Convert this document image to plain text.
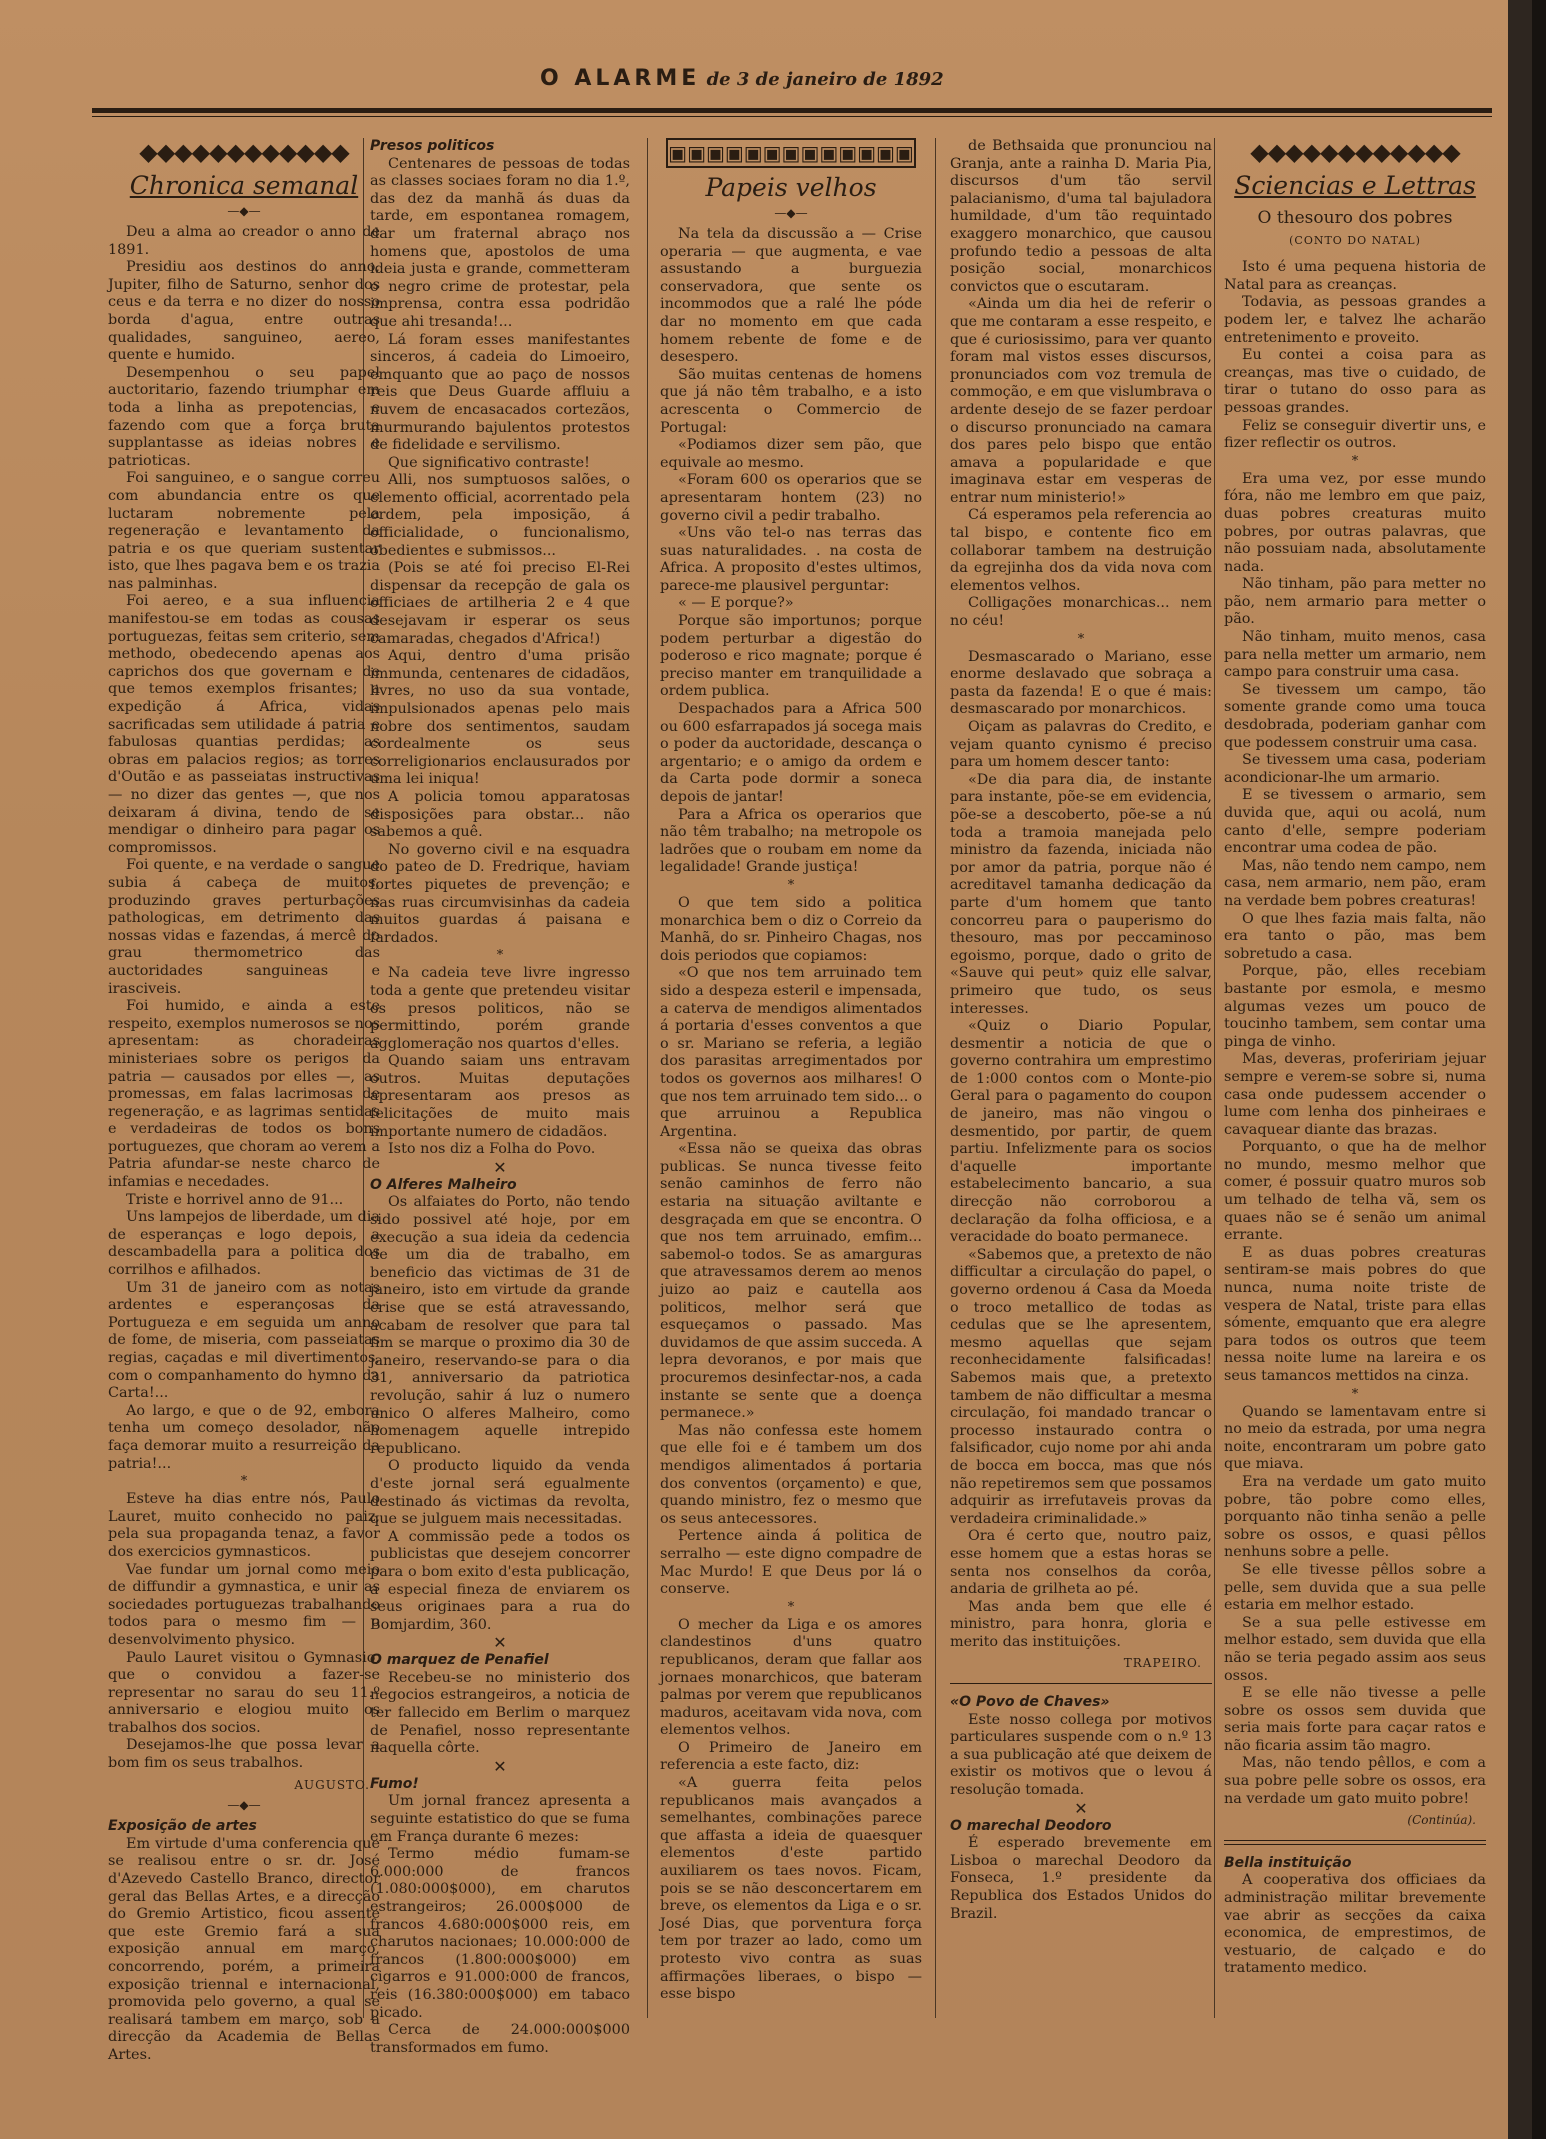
O ALARME de 3 de janeiro de 1892
◆◆◆◆◆◆◆◆◆◆◆◆
Chronica semanal
—◆—

Deu a alma ao creador o anno de 1891.

Presidiu aos destinos do anno, Jupiter, filho de Saturno, senhor dos ceus e da terra e no dizer do nosso borda d'agua, entre outras qualidades, sanguineo, aereo, quente e humido.

Desempenhou o seu papel auctoritario, fazendo triumphar em toda a linha as prepotencias, e fazendo com que a força bruta supplantasse as ideias nobres e patrioticas.

Foi sanguineo, e o sangue correu com abundancia entre os que luctaram nobremente pela regeneração e levantamento da patria e os que queriam sustentar isto, que lhes pagava bem e os trazia nas palminhas.

Foi aereo, e a sua influencia manifestou-se em todas as cousas portuguezas, feitas sem criterio, sem methodo, obedecendo apenas aos caprichos dos que governam e de que temos exemplos frisantes; a expedição á Africa, vidas sacrificadas sem utilidade á patria e fabulosas quantias perdidas; as obras em palacios regios; as torres d'Outão e as passeiatas instructivas — no dizer das gentes —, que nos deixaram á divina, tendo de se mendigar o dinheiro para pagar os compromissos.

Foi quente, e na verdade o sangue subia á cabeça de muitos, produzindo graves perturbações pathologicas, em detrimento das nossas vidas e fazendas, á mercê do grau thermometrico das auctoridades sanguineas e irasciveis.

Foi humido, e ainda a este respeito, exemplos numerosos se nos apresentam: as choradeiras ministeriaes sobre os perigos da patria — causados por elles —, as promessas, em falas lacrimosas de regeneração, e as lagrimas sentidas e verdadeiras de todos os bons portuguezes, que choram ao verem a Patria afundar-se neste charco de infamias e necedades.

Triste e horrivel anno de 91...

Uns lampejos de liberdade, um dia de esperanças e logo depois, a descambadella para a politica dos corrilhos e afilhados.

Um 31 de janeiro com as notas ardentes e esperançosas da Portugueza e em seguida um anno de fome, de miseria, com passeiatas regias, caçadas e mil divertimentos, com o companhamento do hymno da Carta!...

Ao largo, e que o de 92, embora tenha um começo desolador, não faça demorar muito a resurreição da patria!...

*

Esteve ha dias entre nós, Paulo Lauret, muito conhecido no paiz, pela sua propaganda tenaz, a favor dos exercicios gymnasticos.

Vae fundar um jornal como meio de diffundir a gymnastica, e unir as sociedades portuguezas trabalhando todos para o mesmo fim — o desenvolvimento physico.

Paulo Lauret visitou o Gymnasio, que o convidou a fazer-se representar no sarau do seu 11.º anniversario e elogiou muito os trabalhos dos socios.

Desejamos-lhe que possa levar a bom fim os seus trabalhos.

AUGUSTO.
—◆—

Exposição de artes

Em virtude d'uma conferencia que se realisou entre o sr. dr. José d'Azevedo Castello Branco, director geral das Bellas Artes, e a direcção do Gremio Artistico, ficou assente que este Gremio fará a sua exposição annual em março, concorrendo, porém, a primeira exposição triennal e internacional, promovida pelo governo, a qual se realisará tambem em março, sob a direcção da Academia de Bellas Artes.

Presos politicos

Centenares de pessoas de todas as classes sociaes foram no dia 1.º, das dez da manhã ás duas da tarde, em espontanea romagem, dar um fraternal abraço nos homens que, apostolos de uma ideia justa e grande, commetteram o negro crime de protestar, pela imprensa, contra essa podridão que ahi tresanda!...

Lá foram esses manifestantes sinceros, á cadeia do Limoeiro, emquanto que ao paço de nossos reis que Deus Guarde affluiu a nuvem de encasacados cortezãos, murmurando bajulentos protestos de fidelidade e servilismo.

Que significativo contraste!

Alli, nos sumptuosos salões, o elemento official, acorrentado pela ordem, pela imposição, á officialidade, o funcionalismo, obedientes e submissos...

(Pois se até foi preciso El-Rei dispensar da recepção de gala os officiaes de artilheria 2 e 4 que desejavam ir esperar os seus camaradas, chegados d'Africa!)

Aqui, dentro d'uma prisão immunda, centenares de cidadãos, livres, no uso da sua vontade, impulsionados apenas pelo mais nobre dos sentimentos, saudam cordealmente os seus correligionarios enclausurados por uma lei iniqua!

A policia tomou apparatosas disposições para obstar... não sabemos a quê.

No governo civil e na esquadra do pateo de D. Fredrique, haviam fortes piquetes de prevenção; e nas ruas circumvisinhas da cadeia muitos guardas á paisana e fardados.

*

Na cadeia teve livre ingresso toda a gente que pretendeu visitar os presos politicos, não se permittindo, porém grande agglomeração nos quartos d'elles.

Quando saiam uns entravam outros. Muitas deputações apresentaram aos presos as felicitações de muito mais importante numero de cidadãos.

Isto nos diz a Folha do Povo.

✕

O Alferes Malheiro

Os alfaiates do Porto, não tendo sido possivel até hoje, por em execução a sua ideia da cedencia de um dia de trabalho, em beneficio das victimas de 31 de janeiro, isto em virtude da grande crise que se está atravessando, acabam de resolver que para tal fim se marque o proximo dia 30 de janeiro, reservando-se para o dia 31, anniversario da patriotica revolução, sahir á luz o numero unico O alferes Malheiro, como homenagem aquelle intrepido republicano.

O producto liquido da venda d'este jornal será egualmente destinado ás victimas da revolta, que se julguem mais necessitadas.

A commissão pede a todos os publicistas que desejem concorrer para o bom exito d'esta publicação, a especial fineza de enviarem os seus originaes para a rua do Bomjardim, 360.

✕

O marquez de Penafiel

Recebeu-se no ministerio dos negocios estrangeiros, a noticia de ter fallecido em Berlim o marquez de Penafiel, nosso representante naquella côrte.

✕

Fumo!

Um jornal francez apresenta a seguinte estatistico do que se fuma em França durante 6 mezes:

Termo médio fumam-se 6.000:000 de francos (1.080:000$000), em charutos estrangeiros; 26.000$000 de francos 4.680:000$000 reis, em charutos nacionaes; 10.000:000 de francos (1.800:000$000) em cigarros e 91.000:000 de francos, reis (16.380:000$000) em tabaco picado.

Cerca de 24.000:000$000 transformados em fumo.

▣▣▣▣▣▣▣▣▣▣▣▣▣
Papeis velhos
—◆—

Na tela da discussão a — Crise operaria — que augmenta, e vae assustando a burguezia conservadora, que sente os incommodos que a ralé lhe póde dar no momento em que cada homem rebente de fome e de desespero.

São muitas centenas de homens que já não têm trabalho, e a isto acrescenta o Commercio de Portugal:

«Podiamos dizer sem pão, que equivale ao mesmo.

«Foram 600 os operarios que se apresentaram hontem (23) no governo civil a pedir trabalho.

«Uns vão tel-o nas terras das suas naturalidades. . na costa de Africa. A proposito d'estes ultimos, parece-me plausivel perguntar:

« — E porque?»

Porque são importunos; porque podem perturbar a digestão do poderoso e rico magnate; porque é preciso manter em tranquilidade a ordem publica.

Despachados para a Africa 500 ou 600 esfarrapados já socega mais o poder da auctoridade, descança o argentario; e o amigo da ordem e da Carta pode dormir a soneca depois de jantar!

Para a Africa os operarios que não têm trabalho; na metropole os ladrões que o roubam em nome da legalidade! Grande justiça!

*

O que tem sido a politica monarchica bem o diz o Correio da Manhã, do sr. Pinheiro Chagas, nos dois periodos que copiamos:

«O que nos tem arruinado tem sido a despeza esteril e impensada, a caterva de mendigos alimentados á portaria d'esses conventos a que o sr. Mariano se referia, a legião dos parasitas arregimentados por todos os governos aos milhares! O que nos tem arruinado tem sido... o que arruinou a Republica Argentina.

«Essa não se queixa das obras publicas. Se nunca tivesse feito senão caminhos de ferro não estaria na situação aviltante e desgraçada em que se encontra. O que nos tem arruinado, emfim... sabemol-o todos. Se as amarguras que atravessamos derem ao menos juizo ao paiz e cautella aos politicos, melhor será que esqueçamos o passado. Mas duvidamos de que assim succeda. A lepra devoranos, e por mais que procuremos desinfectar-nos, a cada instante se sente que a doença permanece.»

Mas não confessa este homem que elle foi e é tambem um dos mendigos alimentados á portaria dos conventos (orçamento) e que, quando ministro, fez o mesmo que os seus antecessores.

Pertence ainda á politica de serralho — este digno compadre de Mac Murdo! E que Deus por lá o conserve.

*

O mecher da Liga e os amores clandestinos d'uns quatro republicanos, deram que fallar aos jornaes monarchicos, que bateram palmas por verem que republicanos maduros, aceitavam vida nova, com elementos velhos.

O Primeiro de Janeiro em referencia a este facto, diz:

«A guerra feita pelos republicanos mais avançados a semelhantes, combinações parece que affasta a ideia de quaesquer elementos d'este partido auxiliarem os taes novos. Ficam, pois se se não desconcertarem em breve, os elementos da Liga e o sr. José Dias, que porventura força tem por trazer ao lado, como um protesto vivo contra as suas affirmações liberaes, o bispo — esse bispo

de Bethsaida que pronunciou na Granja, ante a rainha D. Maria Pia, discursos d'um tão servil palacianismo, d'uma tal bajuladora humildade, d'um tão requintado exaggero monarchico, que causou profundo tedio a pessoas de alta posição social, monarchicos convictos que o escutaram.

«Ainda um dia hei de referir o que me contaram a esse respeito, e que é curiosissimo, para ver quanto foram mal vistos esses discursos, pronunciados com voz tremula de commoção, e em que vislumbrava o ardente desejo de se fazer perdoar o discurso pronunciado na camara dos pares pelo bispo que então amava a popularidade e que imaginava estar em vesperas de entrar num ministerio!»

Cá esperamos pela referencia ao tal bispo, e contente fico em collaborar tambem na destruição da egrejinha dos da vida nova com elementos velhos.

Colligações monarchicas... nem no céu!

*

Desmascarado o Mariano, esse enorme deslavado que sobraça a pasta da fazenda! E o que é mais: desmascarado por monarchicos.

Oiçam as palavras do Credito, e vejam quanto cynismo é preciso para um homem descer tanto:

«De dia para dia, de instante para instante, põe-se em evidencia, põe-se a descoberto, põe-se a nú toda a tramoia manejada pelo ministro da fazenda, iniciada não por amor da patria, porque não é acreditavel tamanha dedicação da parte d'um homem que tanto concorreu para o pauperismo do thesouro, mas por peccaminoso egoismo, porque, dado o grito de «Sauve qui peut» quiz elle salvar, primeiro que tudo, os seus interesses.

«Quiz o Diario Popular, desmentir a noticia de que o governo contrahira um emprestimo de 1:000 contos com o Monte-pio Geral para o pagamento do coupon de janeiro, mas não vingou o desmentido, por partir, de quem partiu. Infelizmente para os socios d'aquelle importante estabelecimento bancario, a sua direcção não corroborou a declaração da folha officiosa, e a veracidade do boato permanece.

«Sabemos que, a pretexto de não difficultar a circulação do papel, o governo ordenou á Casa da Moeda o troco metallico de todas as cedulas que se lhe apresentem, mesmo aquellas que sejam reconhecidamente falsificadas! Sabemos mais que, a pretexto tambem de não difficultar a mesma circulação, foi mandado trancar o processo instaurado contra o falsificador, cujo nome por ahi anda de bocca em bocca, mas que nós não repetiremos sem que possamos adquirir as irrefutaveis provas da verdadeira criminalidade.»

Ora é certo que, noutro paiz, esse homem que a estas horas se senta nos conselhos da corôa, andaria de grilheta ao pé.

Mas anda bem que elle é ministro, para honra, gloria e merito das instituições.

TRAPEIRO.

«O Povo de Chaves»

Este nosso collega por motivos particulares suspende com o n.º 13 a sua publicação até que deixem de existir os motivos que o levou á resolução tomada.

✕

O marechal Deodoro

É esperado brevemente em Lisboa o marechal Deodoro da Fonseca, 1.º presidente da Republica dos Estados Unidos do Brazil.

◆◆◆◆◆◆◆◆◆◆◆◆
Sciencias e Lettras
O thesouro dos pobres
(CONTO DO NATAL)

Isto é uma pequena historia de Natal para as creanças.

Todavia, as pessoas grandes a podem ler, e talvez lhe acharão entretenimento e proveito.

Eu contei a coisa para as creanças, mas tive o cuidado, de tirar o tutano do osso para as pessoas grandes.

Feliz se conseguir divertir uns, e fizer reflectir os outros.

*

Era uma vez, por esse mundo fóra, não me lembro em que paiz, duas pobres creaturas muito pobres, por outras palavras, que não possuiam nada, absolutamente nada.

Não tinham, pão para metter no pão, nem armario para metter o pão.

Não tinham, muito menos, casa para nella metter um armario, nem campo para construir uma casa.

Se tivessem um campo, tão somente grande como uma touca desdobrada, poderiam ganhar com que podessem construir uma casa.

Se tivessem uma casa, poderiam acondicionar-lhe um armario.

E se tivessem o armario, sem duvida que, aqui ou acolá, num canto d'elle, sempre poderiam encontrar uma codea de pão.

Mas, não tendo nem campo, nem casa, nem armario, nem pão, eram na verdade bem pobres creaturas!

O que lhes fazia mais falta, não era tanto o pão, mas bem sobretudo a casa.

Porque, pão, elles recebiam bastante por esmola, e mesmo algumas vezes um pouco de toucinho tambem, sem contar uma pinga de vinho.

Mas, deveras, profeririam jejuar sempre e verem-se sobre si, numa casa onde pudessem accender o lume com lenha dos pinheiraes e cavaquear diante das brazas.

Porquanto, o que ha de melhor no mundo, mesmo melhor que comer, é possuir quatro muros sob um telhado de telha vã, sem os quaes não se é senão um animal errante.

E as duas pobres creaturas sentiram-se mais pobres do que nunca, numa noite triste de vespera de Natal, triste para ellas sómente, emquanto que era alegre para todos os outros que teem nessa noite lume na lareira e os seus tamancos mettidos na cinza.

*

Quando se lamentavam entre si no meio da estrada, por uma negra noite, encontraram um pobre gato que miava.

Era na verdade um gato muito pobre, tão pobre como elles, porquanto não tinha senão a pelle sobre os ossos, e quasi pêllos nenhuns sobre a pelle.

Se elle tivesse pêllos sobre a pelle, sem duvida que a sua pelle estaria em melhor estado.

Se a sua pelle estivesse em melhor estado, sem duvida que ella não se teria pegado assim aos seus ossos.

E se elle não tivesse a pelle sobre os ossos sem duvida que seria mais forte para caçar ratos e não ficaria assim tão magro.

Mas, não tendo pêllos, e com a sua pobre pelle sobre os ossos, era na verdade um gato muito pobre!

(Continúa).

Bella instituição

A cooperativa dos officiaes da administração militar brevemente vae abrir as secções da caixa economica, de emprestimos, de vestuario, de calçado e do tratamento medico.
